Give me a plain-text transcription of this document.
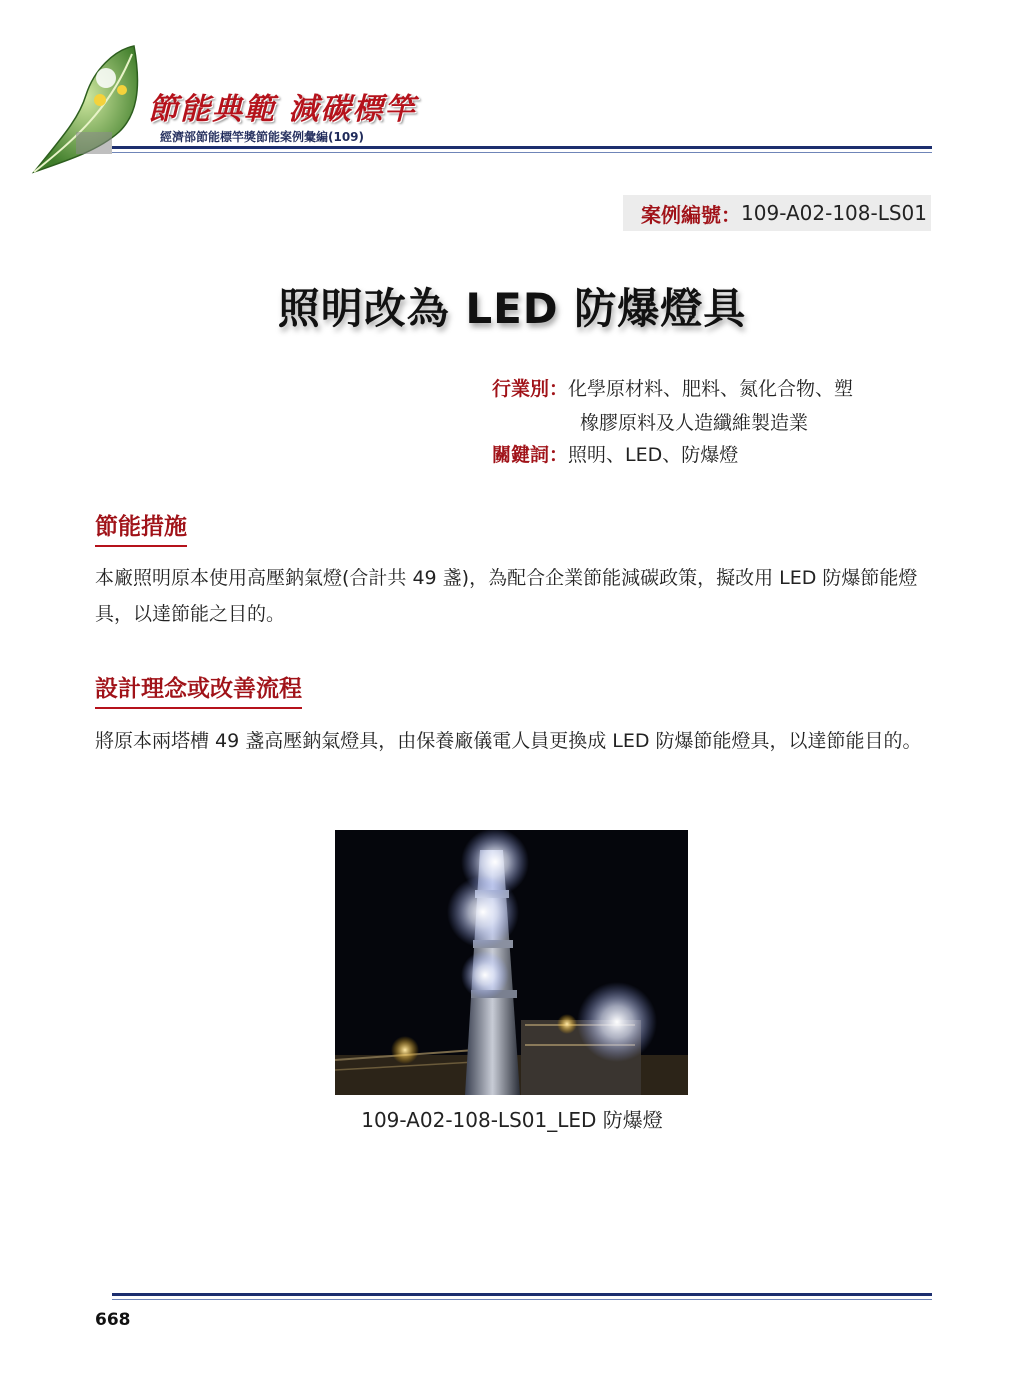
節能典範 減碳標竿
經濟部節能標竿獎節能案例彙編(109)
案例編號： 109-A02-108-LS01
照明改為 LED 防爆燈具
行業別：化學原材料、肥料、氮化合物、塑
橡膠原料及人造纖維製造業
關鍵詞：照明、LED、防爆燈
節能措施
本廠照明原本使用高壓鈉氣燈(合計共 49 盞)，為配合企業節能減碳政策，擬改用 LED 防爆節能燈具，以達節能之目的。
設計理念或改善流程
將原本兩塔槽 49 盞高壓鈉氣燈具，由保養廠儀電人員更換成 LED 防爆節能燈具，以達節能目的。
109-A02-108-LS01_LED 防爆燈
668
